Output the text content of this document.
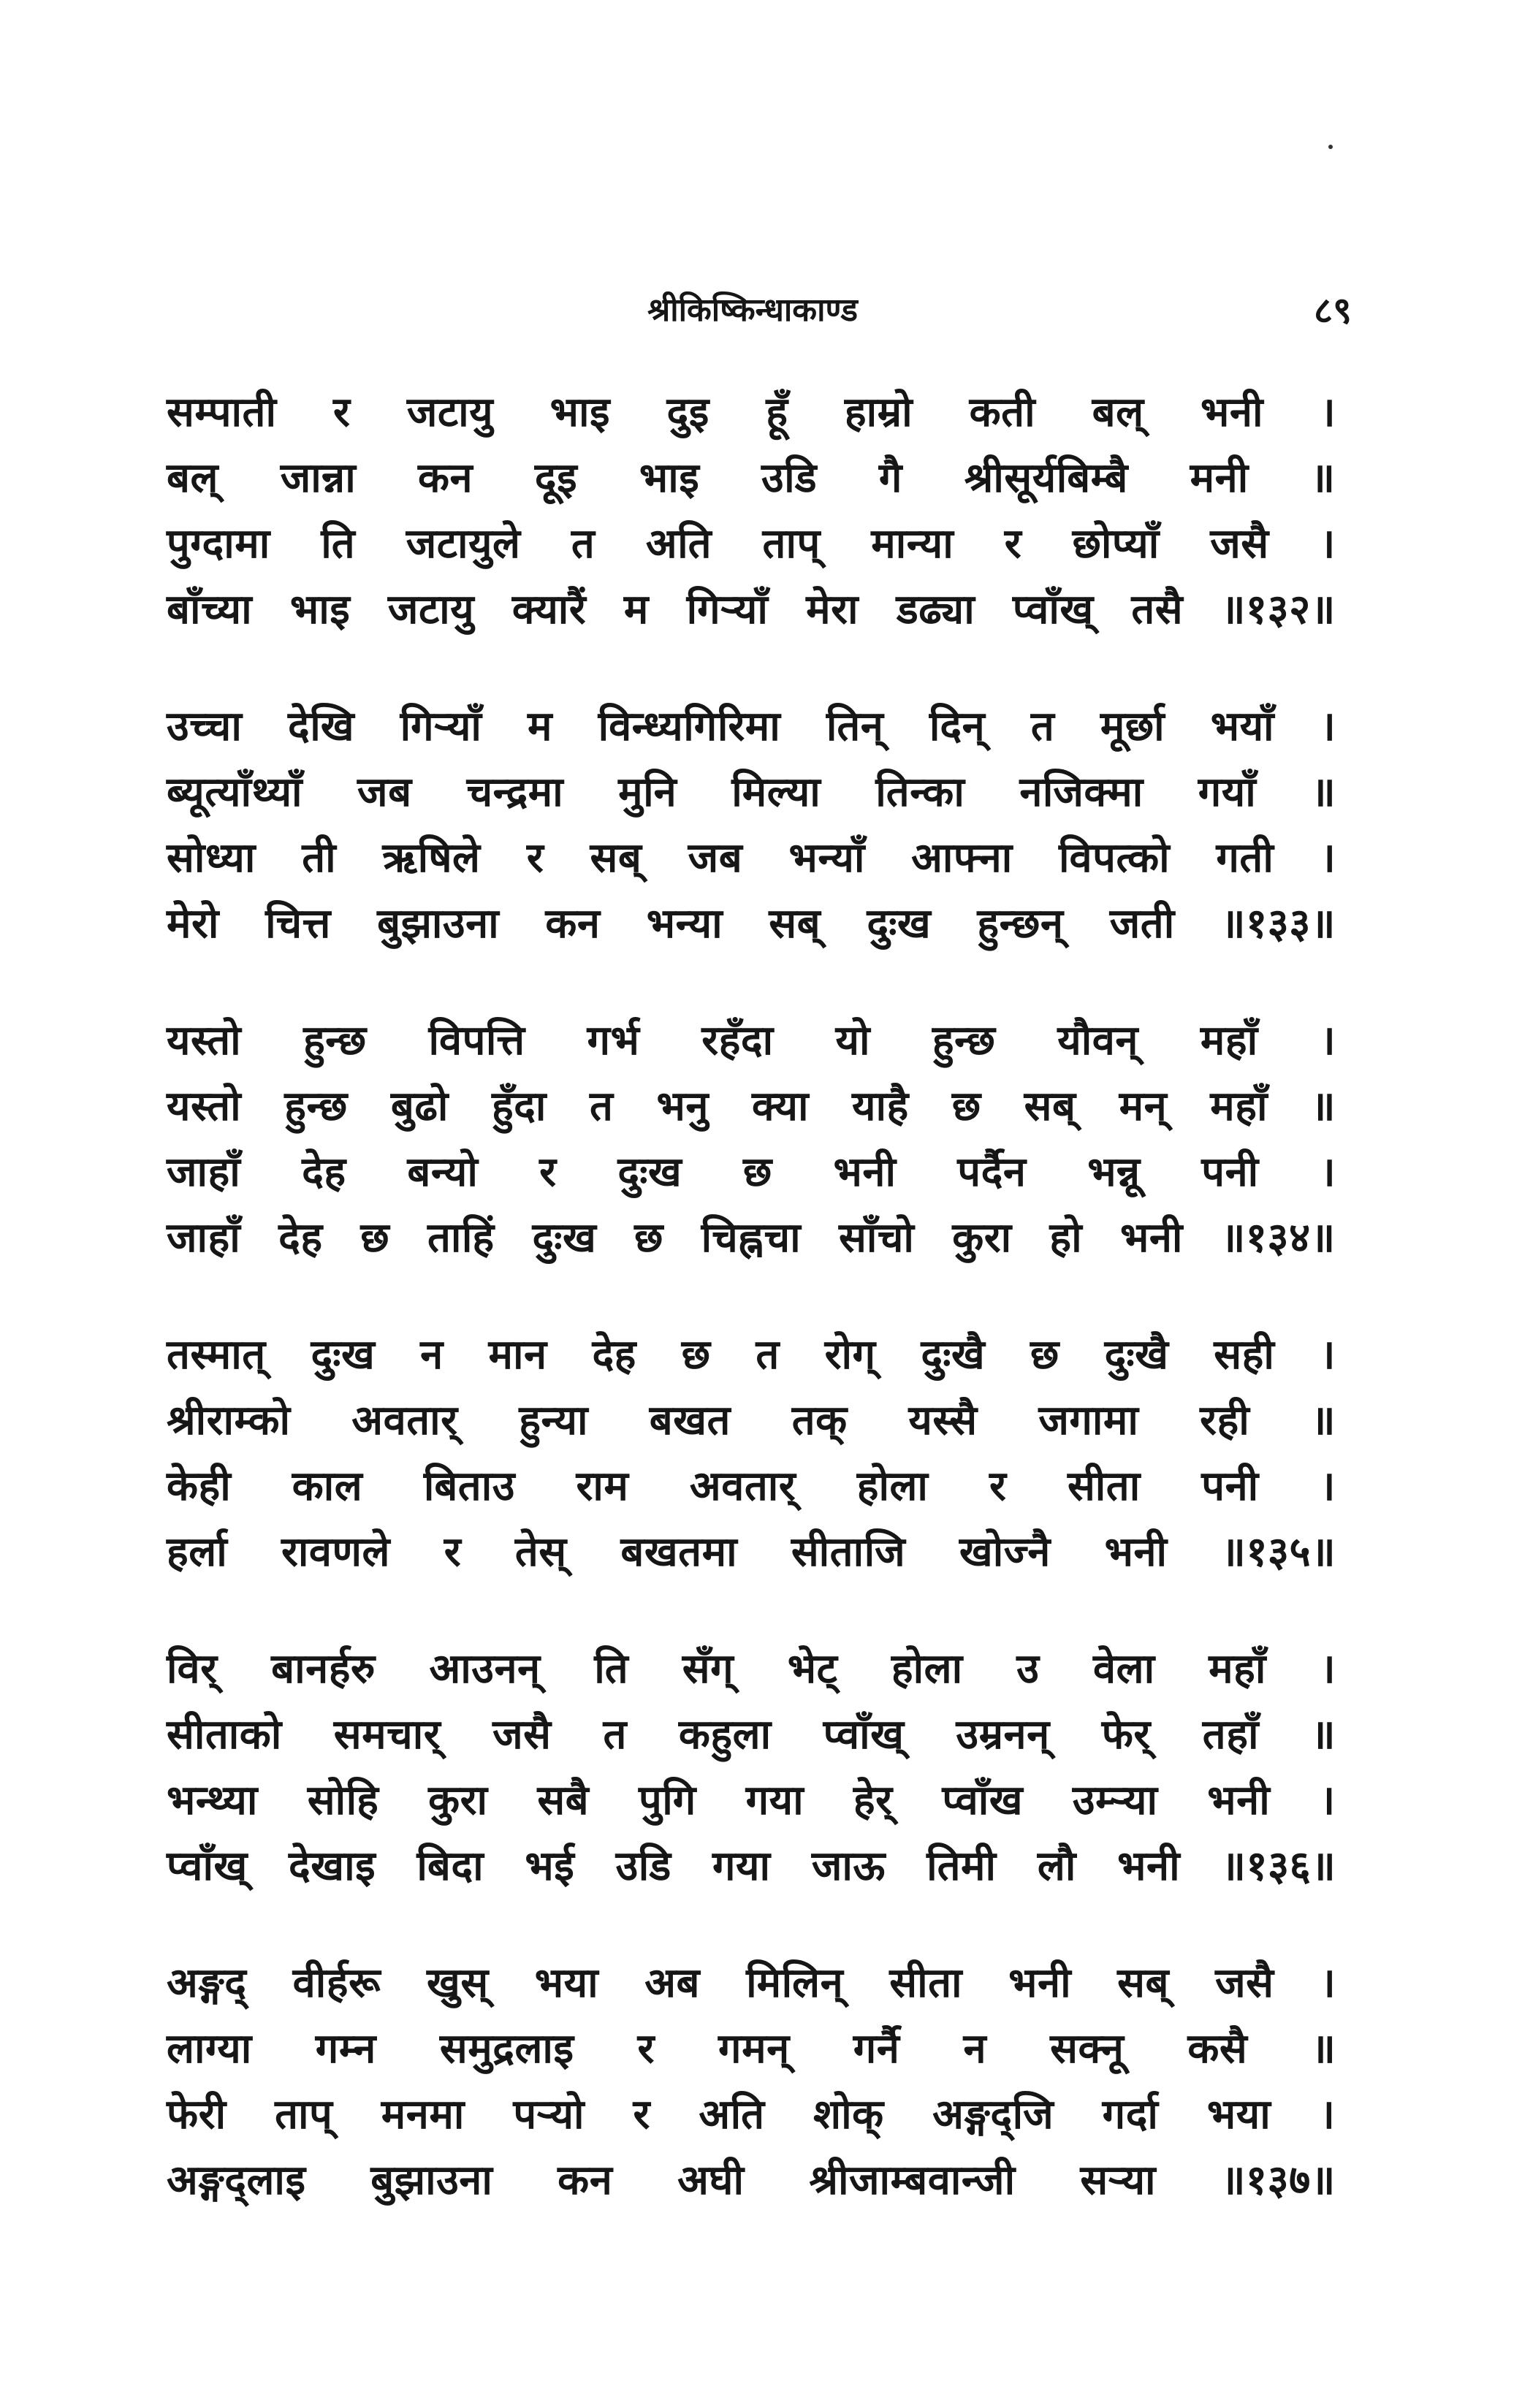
श्रीकिष्किन्धाकाण्ड	८९
सम्पाती र जटायु भाइ दुइ हूँ हाम्रो कती बल् भनी ।
बल् जान्ना कन दूइ भाइ उडि गै श्रीसूर्यबिम्बै मनी ॥
पुग्दामा ति जटायुले त अति ताप् मान्या र छोप्याँ जसै ।
बाँच्या भाइ जटायु क्यारैं म गिऱ्याँ मेरा डढ्या प्वाँख् तसै ॥१३२॥
उच्चा देखि गिऱ्याँ म विन्ध्यगिरिमा तिन् दिन् त मूर्छा भयाँ ।
ब्यूत्याँथ्याँ जब चन्द्रमा मुनि मिल्या तिन्का नजिक्मा गयाँ ॥
सोध्या ती ऋषिले र सब् जब भन्याँ आफ्ना विपत्को गती ।
मेरो चित्त बुझाउना कन भन्या सब् दुःख हुन्छन् जती ॥१३३॥
यस्तो हुन्छ विपत्ति गर्भ रहँदा यो हुन्छ यौवन् महाँ ।
यस्तो हुन्छ बुढो हुँदा त भनु क्या याहै छ सब् मन् महाँ ॥
जाहाँ देह बन्यो र दुःख छ भनी पर्दैन भन्नू पनी ।
जाहाँ देह छ ताहिं दुःख छ चिह्नचा साँचो कुरा हो भनी ॥१३४॥
तस्मात् दुःख न मान देह छ त रोग् दुःखै छ दुःखै सही ।
श्रीराम्को अवतार् हुन्या बखत तक् यस्सै जगामा रही ॥
केही काल बिताउ राम अवतार् होला र सीता पनी ।
हर्ला रावणले र तेस् बखतमा सीताजि खोज्नै भनी ॥१३५॥
विर् बानर्हरु आउनन् ति सँग् भेट् होला उ वेला महाँ ।
सीताको समचार् जसै त कहुला प्वाँख् उम्रनन् फेर् तहाँ ॥
भन्थ्या सोहि कुरा सबै पुगि गया हेर् प्वाँख उम्ऱ्या भनी ।
प्वाँख् देखाइ बिदा भई उडि गया जाऊ तिमी लौ भनी ॥१३६॥
अङ्गद् वीर्हरू खुस् भया अब मिलिन् सीता भनी सब् जसै ।
लाग्या गम्न समुद्रलाइ र गमन् गर्नै न सक्नू कसै ॥
फेरी ताप् मनमा पऱ्यो र अति शोक् अङ्गद्जि गर्दा भया ।
अङ्गद्लाइ बुझाउना कन अघी श्रीजाम्बवान्जी सऱ्या ॥१३७॥
